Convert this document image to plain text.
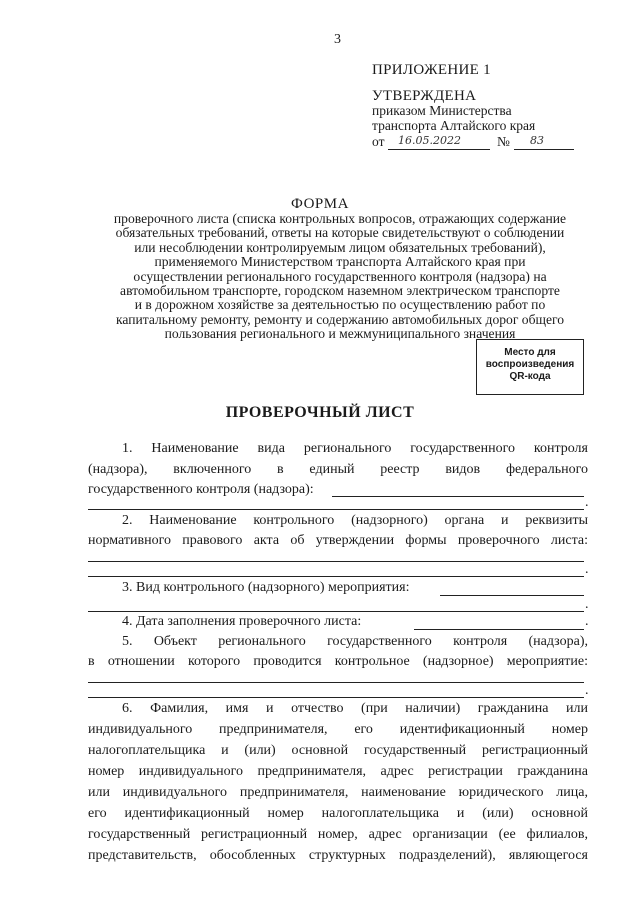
3
ПРИЛОЖЕНИЕ 1
УТВЕРЖДЕНА
приказом Министерства
транспорта Алтайского края
от 16.05.2022	№ 83
ФОРМА
проверочного листа (списка контрольных вопросов, отражающих содержание
обязательных требований, ответы на которые свидетельствуют о соблюдении
или несоблюдении контролируемым лицом обязательных требований),
применяемого Министерством транспорта Алтайского края при
осуществлении регионального государственного контроля (надзора) на
автомобильном транспорте, городском наземном электрическом транспорте
и в дорожном хозяйстве за деятельностью по осуществлению работ по
капитальному ремонту, ремонту и содержанию автомобильных дорог общего
пользования регионального и межмуниципального значения
Место для
воспроизведения
QR-кода
ПРОВЕРОЧНЫЙ ЛИСТ
1. Наименование вида регионального государственного контроля
(надзора), включенного в единый реестр видов федерального
государственного контроля (надзора):
.
2. Наименование контрольного (надзорного) органа и реквизиты
нормативного правового акта об утверждении формы проверочного листа:
.
3. Вид контрольного (надзорного) мероприятия:
.
4. Дата заполнения проверочного листа:	.
5. Объект регионального государственного контроля (надзора),
в отношении которого проводится контрольное (надзорное) мероприятие:
.
6. Фамилия, имя и отчество (при наличии) гражданина или
индивидуального предпринимателя, его идентификационный номер
налогоплательщика и (или) основной государственный регистрационный
номер индивидуального предпринимателя, адрес регистрации гражданина
или индивидуального предпринимателя, наименование юридического лица,
его идентификационный номер налогоплательщика и (или) основной
государственный регистрационный номер, адрес организации (ее филиалов,
представительств, обособленных структурных подразделений), являющегося
